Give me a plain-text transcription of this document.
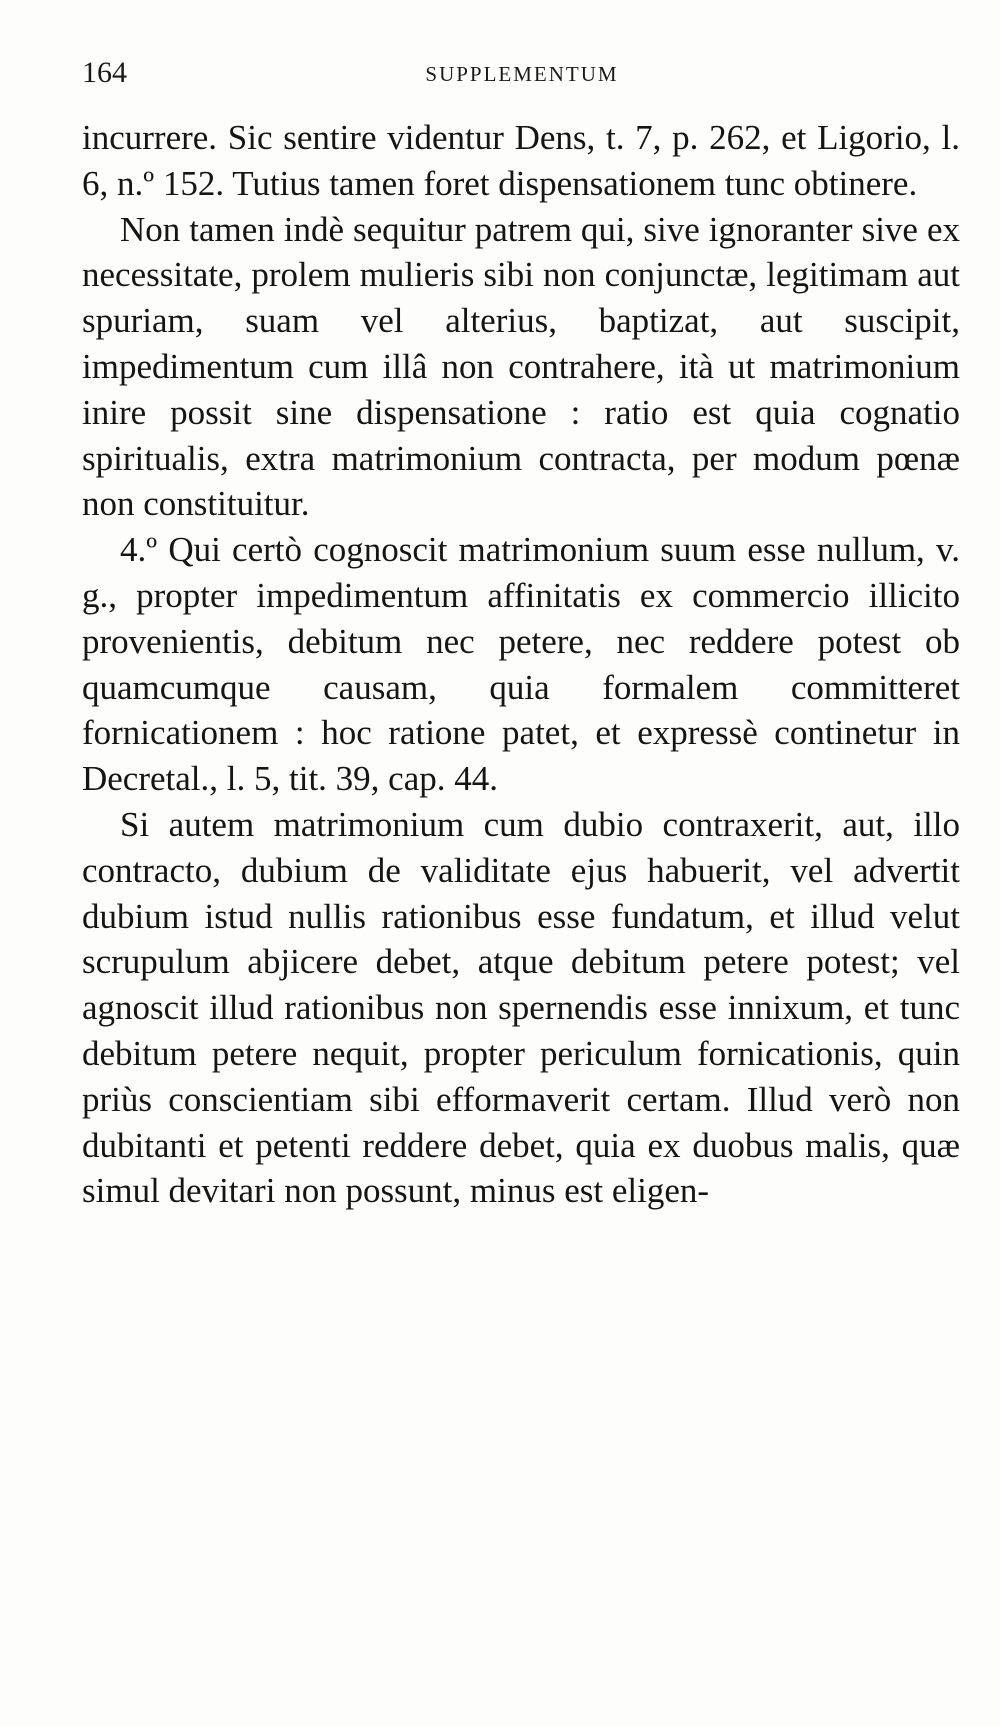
164	SUPPLEMENTUM

incurrere. Sic sentire videntur Dens, t. 7, p. 262, et Ligorio, l. 6, n.º 152. Tutius tamen foret dispensationem tunc obtinere.

Non tamen indè sequitur patrem qui, sive ignoranter sive ex necessitate, prolem mulieris sibi non conjunctæ, legitimam aut spuriam, suam vel alterius, baptizat, aut suscipit, impedimentum cum illâ non contrahere, ità ut matrimonium inire possit sine dispensatione : ratio est quia cognatio spiritualis, extra matrimonium contracta, per modum pœnæ non constituitur.

4.º Qui certò cognoscit matrimonium suum esse nullum, v. g., propter impedimentum affinitatis ex commercio illicito provenientis, debitum nec petere, nec reddere potest ob quamcumque causam, quia formalem committeret fornicationem : hoc ratione patet, et expressè continetur in Decretal., l. 5, tit. 39, cap. 44.

Si autem matrimonium cum dubio contraxerit, aut, illo contracto, dubium de validitate ejus habuerit, vel advertit dubium istud nullis rationibus esse fundatum, et illud velut scrupulum abjicere debet, atque debitum petere potest; vel agnoscit illud rationibus non spernendis esse innixum, et tunc debitum petere nequit, propter periculum fornicationis, quin priùs conscientiam sibi efformaverit certam. Illud verò non dubitanti et petenti reddere debet, quia ex duobus malis, quæ simul devitari non possunt, minus est eligen-
